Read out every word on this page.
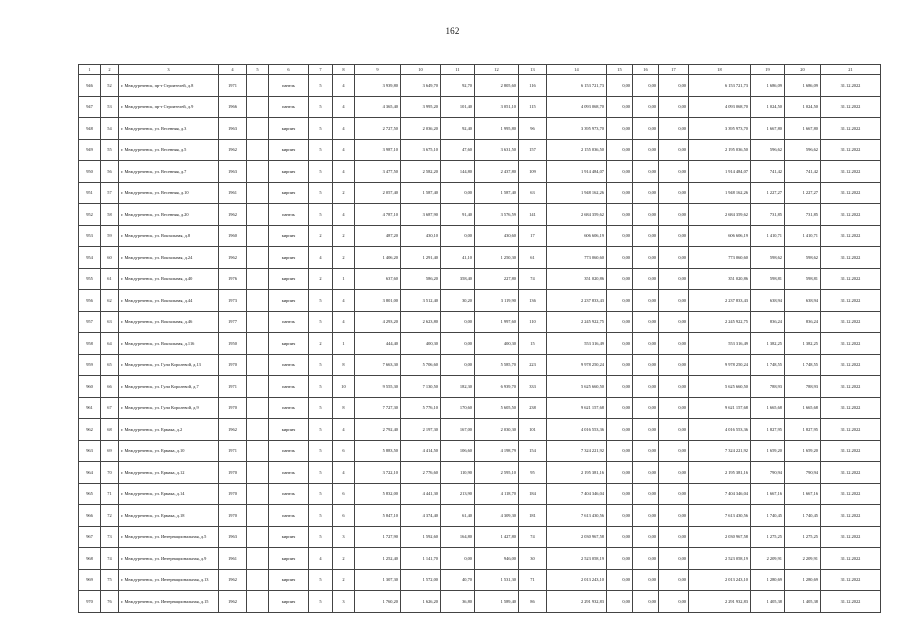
162
1	2	3	4	5	6	7	8	9	10	11	12	13	14	15	16	17	18	19	20	21
946	52	г. Междуреченск, пр-т Строителей, д.8	1971		панель	5	4	3 939,80	3 649,70	92,70	2 805,60	116	6 153 721,73	0,00	0,00	0,00	6 153 721,73	1 686,09	1 686,09	31.12.2022
947	53	г. Междуреченск, пр-т Строителей, д.9	1966		панель	5	4	4 365,40	3 995,20	101,40	3 051,10	115	4 093 068,70	0,00	0,00	0,00	4 093 068,70	1 024,50	1 024,50	31.12.2022
948	54	г. Междуреченск, ул. Весенняя, д.3	1963		кирпич	5	4	2 727,50	2 036,20	92,40	1 995,80	96	3 395 973,70	0,00	0,00	0,00	3 395 973,70	1 667,80	1 667,80	31.12.2022
949	55	г. Междуреченск, ул. Весенняя, д.5	1962		кирпич	5	4	3 987,10	3 675,10	47,60	3 631,50	157	2 155 036,50	0,00	0,00	0,00	2 195 036,50	596,62	596,62	31.12.2022
950	56	г. Междуреченск, ул. Весенняя, д.7	1963		кирпич	5	4	3 477,50	2 582,20	144,80	2 437,80	109	1 914 484,07	0,00	0,00	0,00	1 914 484,07	741,42	741,42	31.12.2022
951	57	г. Междуреченск, ул. Весенняя, д.10	1961		кирпич	5	2	2 057,40	1 587,40	0,00	1 587,40	63	1 948 162,26	0,00	0,00	0,00	1 948 162,26	1 227,27	1 227,27	31.12.2022
952	58	г. Междуреченск, ул. Весенняя, д.20	1962		панель	5	4	4 787,10	3 687,90	91,40	3 576,59	141	2 684 359,62	0,00	0,00	0,00	2 684 359,62	731,85	731,85	31.12.2022
953	59	г. Междуреченск, ул. Вокзальная, д.8	1960		кирпич	2	2	487,20	430,10	0,00	430,60	17	606 606,19	0,00	0,00	0,00	606 606,19	1 410,71	1 410,71	31.12.2022
954	60	г. Междуреченск, ул. Вокзальная, д.24	1962		кирпич	4	2	1 406,20	1 291,40	41,10	1 250,30	61	773 060,60	0,00	0,00	0,00	773 060,60	598,62	598,62	31.12.2022
955	61	г. Междуреченск, ул. Вокзальная, д.40	1976		кирпич	2	1	637,60	586,20	358,40	227,80	74	351 020,86	0,00	0,00	0,00	351 020,86	598,81	598,81	31.12.2022
956	62	г. Междуреченск, ул. Вокзальная, д.44	1973		кирпич	5	4	3 801,00	3 512,40	30,20	3 119,90	136	2 237 833,43	0,00	0,00	0,00	2 237 833,43	638,94	638,94	31.12.2022
957	63	г. Междуреченск, ул. Вокзальная, д.46	1977		панель	5	4	4 293,20	2 623,80	0,00	1 997,60	110	2 245 922,75	0,00	0,00	0,00	2 245 922,75	836,24	836,24	31.12.2022
958	64	г. Междуреченск, ул. Вокзальная, д.116	1950		кирпич	2	1	444,40	400,30	0,00	400,30	15	553 316,49	0,00	0,00	0,00	553 316,49	1 382,25	1 382,25	31.12.2022
959	65	г. Междуреченск, ул. Гули Королевой, д.13	1970		панель	5	8	7 663,30	5 706,60	0,00	5 585,70	223	9 978 250,24	0,00	0,00	0,00	9 978 250,24	1 748,55	1 748,55	31.12.2022
960	66	г. Междуреченск, ул. Гули Королевой, д.7	1971		панель	5	10	9 555,30	7 130,50	182,30	6 939,70	333	5 625 660,50	0,00	0,00	0,00	5 625 660,50	788,93	788,93	31.12.2022
961	67	г. Междуреченск, ул. Гули Королевой, д.9	1970		панель	5	8	7 727,30	5 776,10	170,60	5 605,50	238	9 621 157,68	0,00	0,00	0,00	9 621 157,68	1 665,68	1 665,68	31.12.2022
962	68	г. Междуреченск, ул. Ермака, д.2	1962		кирпич	5	4	2 792,40	2 197,30	167,00	2 030,30	101	4 016 553,36	0,00	0,00	0,00	4 016 553,36	1 827,95	1 827,95	31.12.2022
963	69	г. Междуреченск, ул. Ермака, д.10	1971		панель	5	6	5 883,50	4 414,50	106,60	4 198,79	154	7 324 221,92	0,00	0,00	0,00	7 324 221,92	1 659,20	1 659,20	31.12.2022
964	70	г. Междуреченск, ул. Ермака, д.12	1970		панель	5	4	3 722,10	2 776,60	110,90	2 595,10	95	2 195 381,16	0,00	0,00	0,00	2 195 381,16	790,94	790,94	31.12.2022
965	71	г. Междуреченск, ул. Ермака, д.14	1970		панель	5	6	5 832,00	4 441,30	213,90	4 118,70	184	7 404 346,04	0,00	0,00	0,00	7 404 346,04	1 667,16	1 667,16	31.12.2022
966	72	г. Междуреченск, ул. Ермака, д.18	1970		панель	5	6	5 847,10	4 374,40	61,40	4 309,30	181	7 613 430,56	0,00	0,00	0,00	7 613 430,56	1 740,45	1 740,45	31.12.2022
967	73	г. Междуреченск, ул. Интернациональная, д.5	1963		кирпич	5	3	1 727,90	1 592,60	164,80	1 427,80	74	2 030 967,58	0,00	0,00	0,00	2 030 967,58	1 275,25	1 275,25	31.12.2022
968	74	г. Междуреченск, ул. Интернациональная, д.9	1961		кирпич	4	2	1 252,40	1 141,70	0,00	946,00	30	2 523 058,19	0,00	0,00	0,00	2 523 058,19	2 209,91	2 209,91	31.12.2022
969	75	г. Междуреченск, ул. Интернациональная, д.13	1962		кирпич	5	2	1 307,30	1 572,00	40,70	1 531,30	71	2 013 243,10	0,00	0,00	0,00	2 013 243,10	1 280,69	1 280,69	31.12.2022
970	76	г. Междуреченск, ул. Интернациональная, д.15	1962		кирпич	5	3	1 760,20	1 626,20	36,80	1 589,40	86	2 291 932,83	0,00	0,00	0,00	2 291 932,83	1 405,38	1 405,38	31.12.2022
